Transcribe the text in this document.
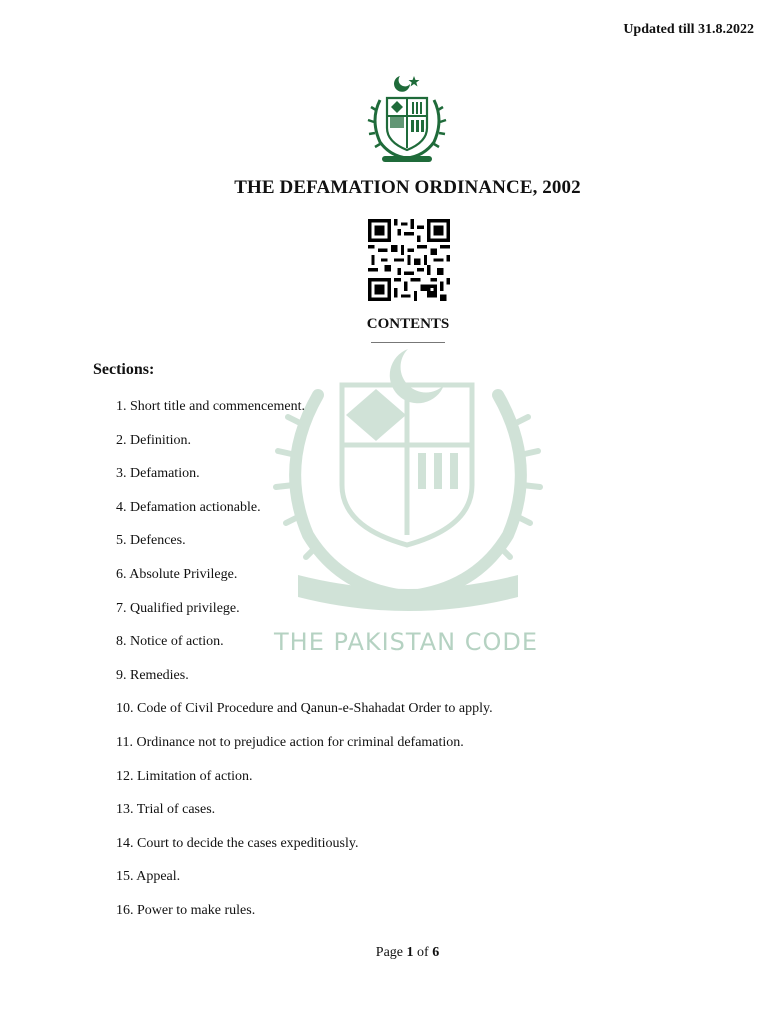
Updated till 31.8.2022
THE DEFAMATION ORDINANCE, 2002
CONTENTS
THE PAKISTAN CODE
Sections:
1. Short title and commencement.
2. Definition.
3. Defamation.
4. Defamation actionable.
5. Defences.
6. Absolute Privilege.
7. Qualified privilege.
8. Notice of action.
9. Remedies.
10. Code of Civil Procedure and Qanun-e-Shahadat Order to apply.
11. Ordinance not to prejudice action for criminal defamation.
12. Limitation of action.
13. Trial of cases.
14. Court to decide the cases expeditiously.
15. Appeal.
16. Power to make rules.
Page 1 of 6
